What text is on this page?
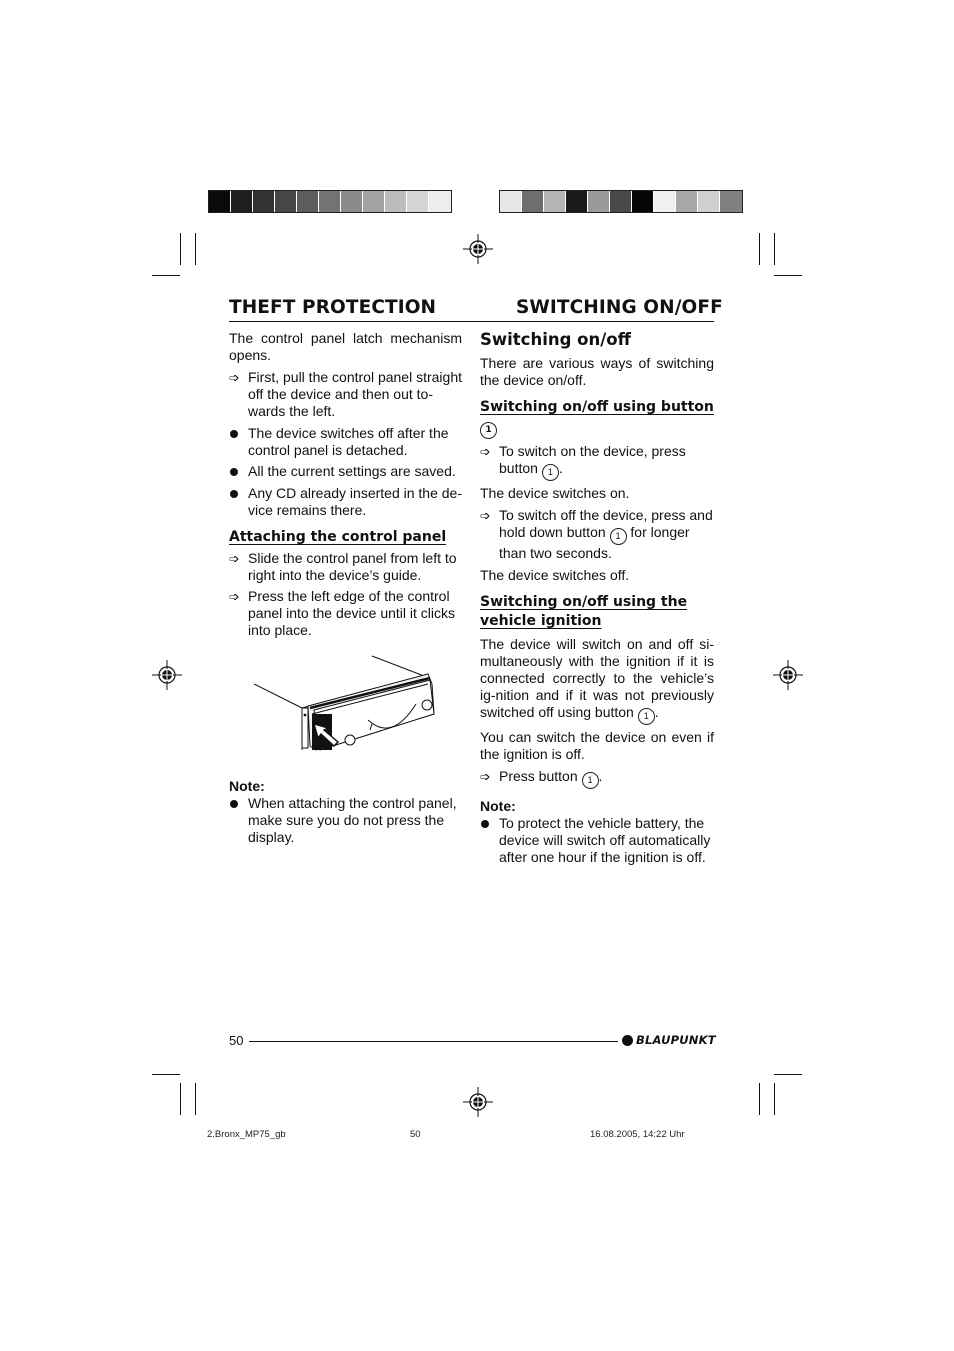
THEFT PROTECTION	SWITCHING ON/OFF

The control panel latch mechanism opens.

➩ First, pull the control panel straight off the device and then out to-wards the left.
The device switches off after the control panel is detached.
All the current settings are saved.
Any CD already inserted in the de-vice remains there.

Attaching the control panel

➩ Slide the control panel from left to right into the device’s guide.
➩ Press the left edge of the control panel into the device until it clicks into place.

Note:

When attaching the control panel, make sure you do not press the display.

Switching on/off

There are various ways of switching the device on/off.

Switching on/off using button
1

➩ To switch on the device, press button 1 .

The device switches on.

➩ To switch off the device, press and hold down button 1 for longer than two seconds.

The device switches off.

Switching on/off using the
vehicle ignition

The device will switch on and off si-multaneously with the ignition if it is connected correctly to the vehicle’s ig-nition and if it was not previously switched off using button 1 .

You can switch the device on even if the ignition is off.

➩ Press button 1 .

Note:

To protect the vehicle battery, the device will switch off automatically after one hour if the ignition is off.
50	BLAUPUNKT
2.Bronx_MP75_gb	50	16.08.2005, 14:22 Uhr
